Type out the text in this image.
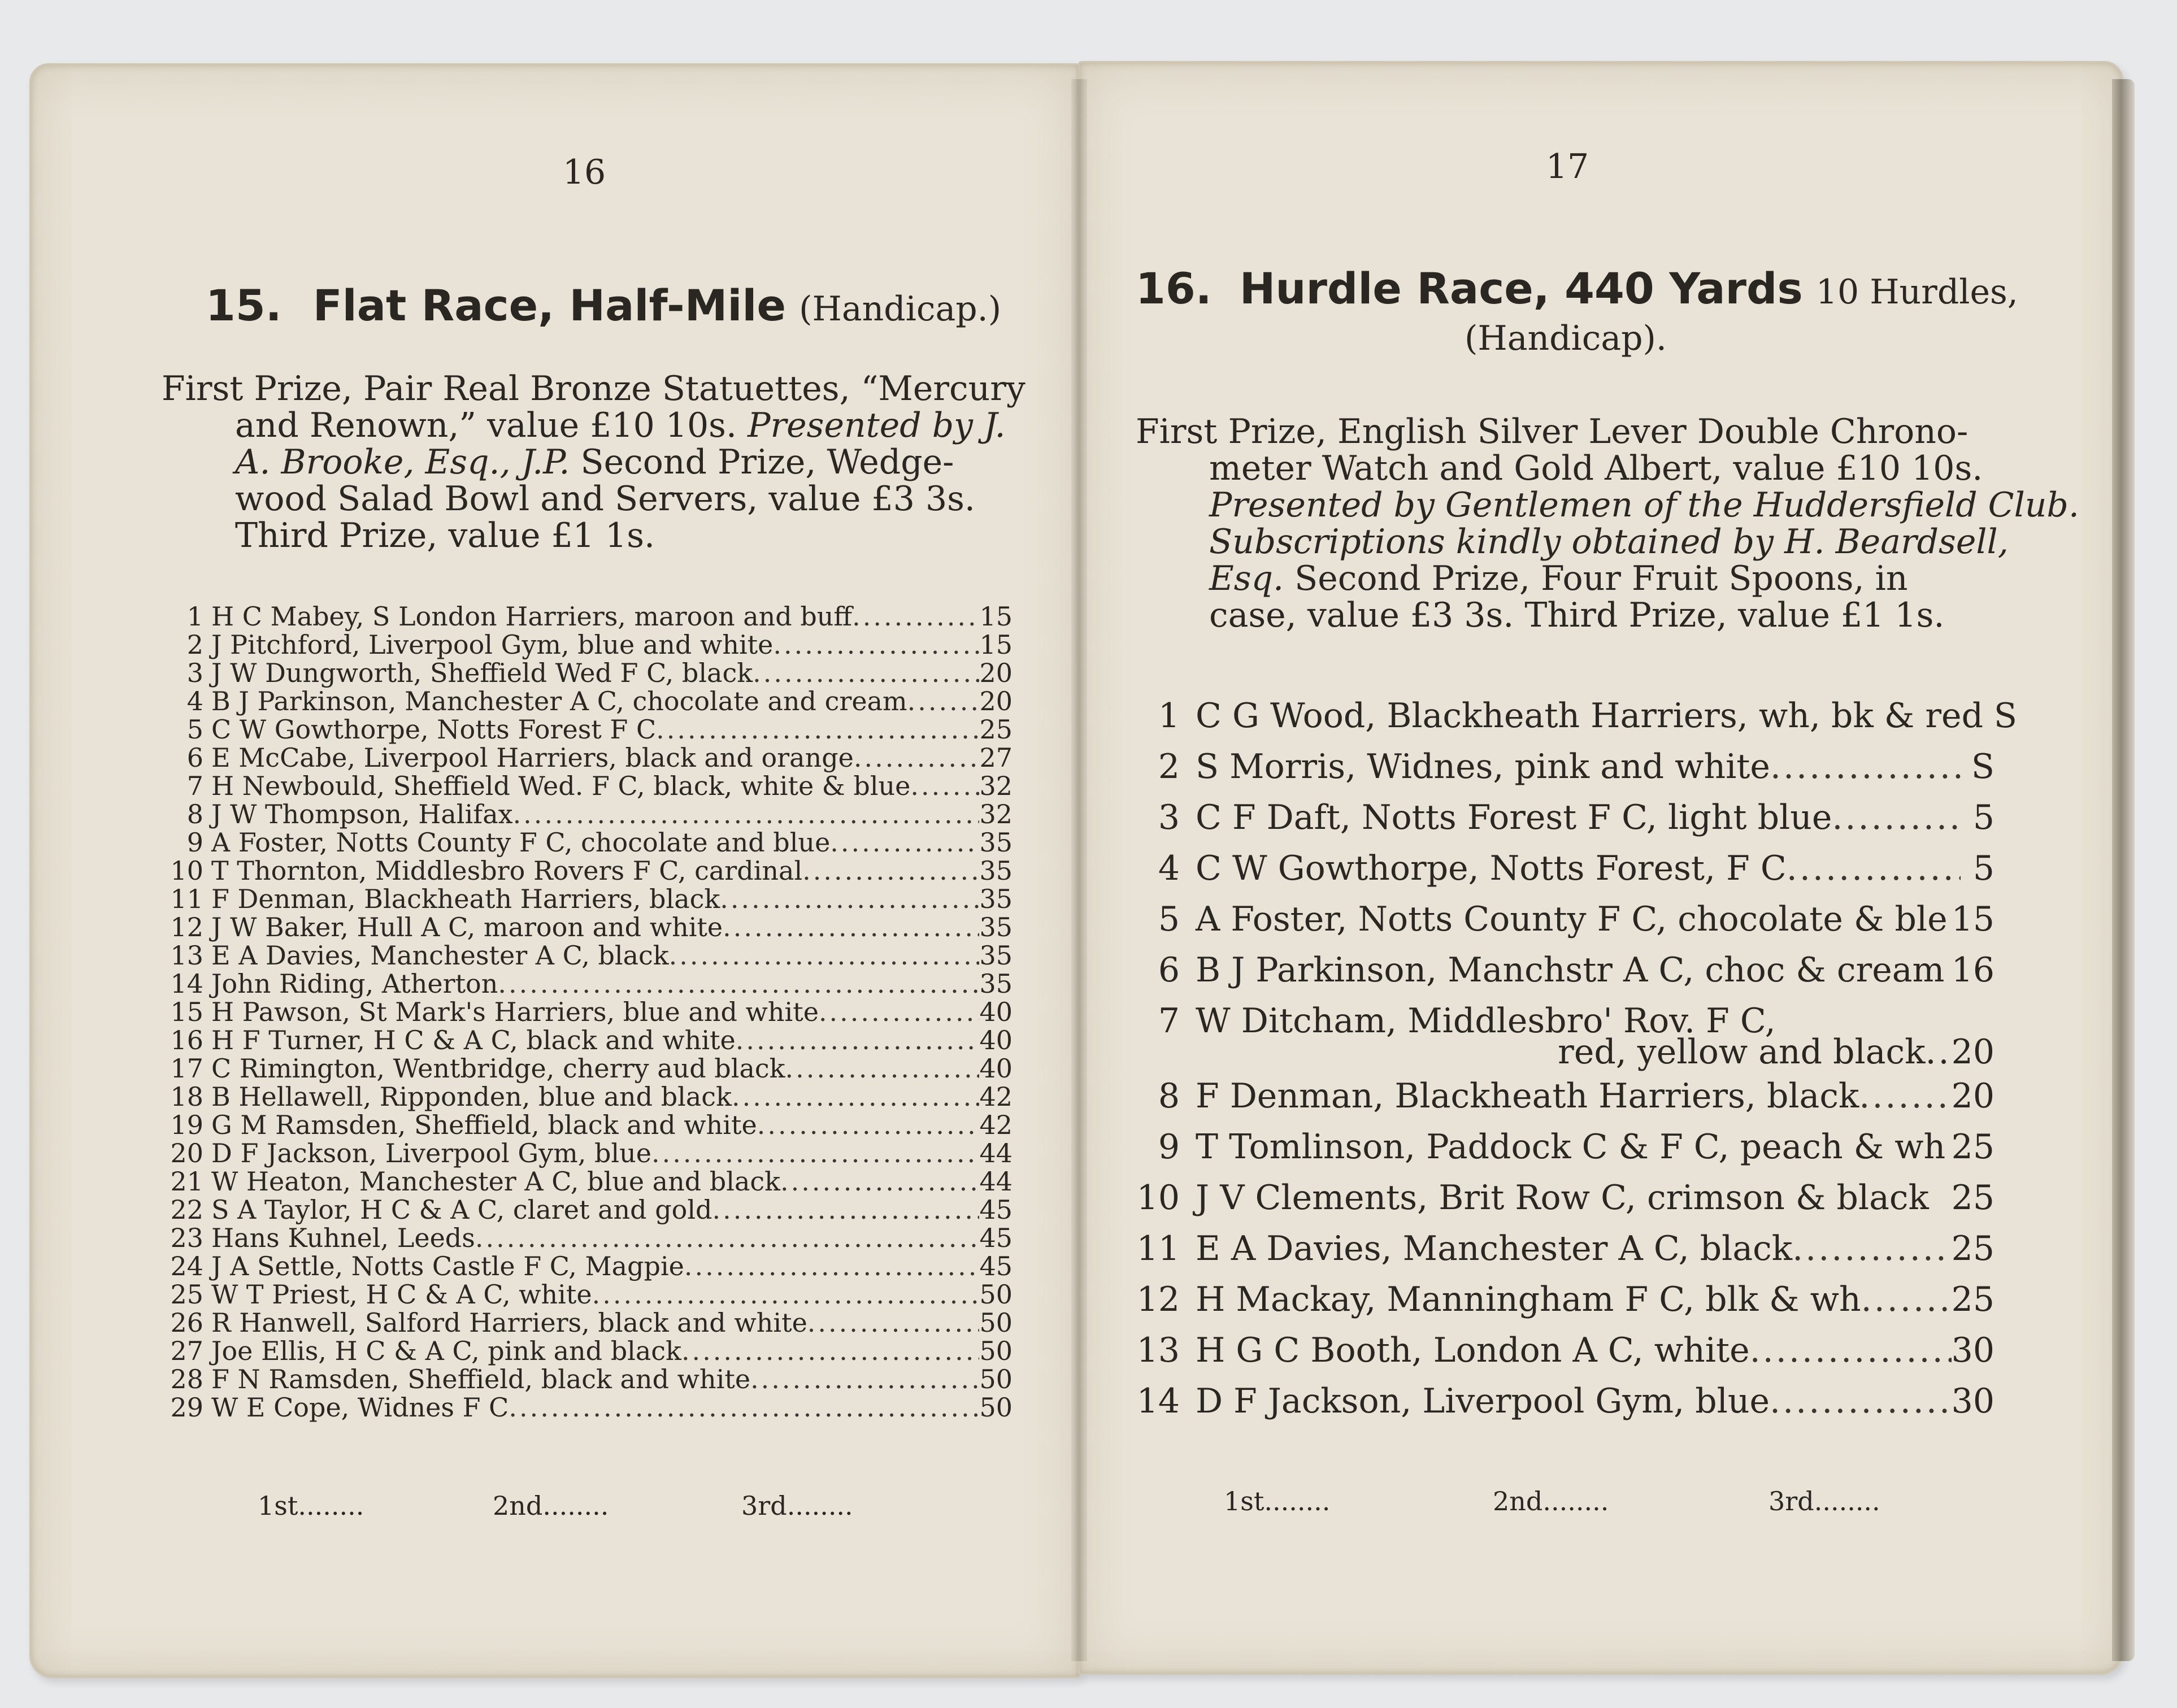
16
15. Flat Race, Half-Mile (Handicap.)
First Prize, Pair Real Bronze Statuettes, “Mercury
and Renown,” value £10 10s. Presented by J.
A. Brooke, Esq., J.P. Second Prize, Wedge-
wood Salad Bowl and Servers, value £3 3s.
Third Prize, value £1 1s.
1 H C Mabey, S London Harriers, maroon and buff .....	15
2 J Pitchford, Liverpool Gym, blue and white .....	15
3 J W Dungworth, Sheffield Wed F C, black .....	20
4 B J Parkinson, Manchester A C, chocolate and cream .....	20
5 C W Gowthorpe, Notts Forest F C .....	25
6 E McCabe, Liverpool Harriers, black and orange .....	27
7 H Newbould, Sheffield Wed. F C, black, white & blue .....	32
8 J W Thompson, Halifax .....	32
9 A Foster, Notts County F C, chocolate and blue .....	35
10 T Thornton, Middlesbro Rovers F C, cardinal .....	35
11 F Denman, Blackheath Harriers, black .....	35
12 J W Baker, Hull A C, maroon and white .....	35
13 E A Davies, Manchester A C, black .....	35
14 John Riding, Atherton .....	35
15 H Pawson, St Mark's Harriers, blue and white .....	40
16 H F Turner, H C & A C, black and white .....	40
17 C Rimington, Wentbridge, cherry aud black .....	40
18 B Hellawell, Ripponden, blue and black .....	42
19 G M Ramsden, Sheffield, black and white .....	42
20 D F Jackson, Liverpool Gym, blue .....	44
21 W Heaton, Manchester A C, blue and black .....	44
22 S A Taylor, H C & A C, claret and gold .....	45
23 Hans Kuhnel, Leeds .....	45
24 J A Settle, Notts Castle F C, Magpie .....	45
25 W T Priest, H C & A C, white .....	50
26 R Hanwell, Salford Harriers, black and white .....	50
27 Joe Ellis, H C & A C, pink and black .....	50
28 F N Ramsden, Sheffield, black and white .....	50
29 W E Cope, Widnes F C .....	50
1st........	2nd........	3rd........
17
16. Hurdle Race, 440 Yards 10 Hurdles,
(Handicap).
First Prize, English Silver Lever Double Chrono-
meter Watch and Gold Albert, value £10 10s.
Presented by Gentlemen of the Huddersfield Club.
Subscriptions kindly obtained by H. Beardsell,
Esq. Second Prize, Four Fruit Spoons, in
case, value £3 3s. Third Prize, value £1 1s.
1 C G Wood, Blackheath Harriers, wh, bk & red S
2 S Morris, Widnes, pink and white .....	S
3 C F Daft, Notts Forest F C, light blue .....	5
4 C W Gowthorpe, Notts Forest, F C .....	5
5 A Foster, Notts County F C, chocolate & ble 15
6 B J Parkinson, Manchstr A C, choc & cream 16
7 W Ditcham, Middlesbro' Rov. F C,
red, yellow and black .. 20
8 F Denman, Blackheath Harriers, black .....	20
9 T Tomlinson, Paddock C & F C, peach & wh 25
10 J V Clements, Brit Row C, crimson & black 25
11 E A Davies, Manchester A C, black .....	25
12 H Mackay, Manningham F C, blk & wh .....	25
13 H G C Booth, London A C, white .....	30
14 D F Jackson, Liverpool Gym, blue .....	30
1st........	2nd........	3rd........
